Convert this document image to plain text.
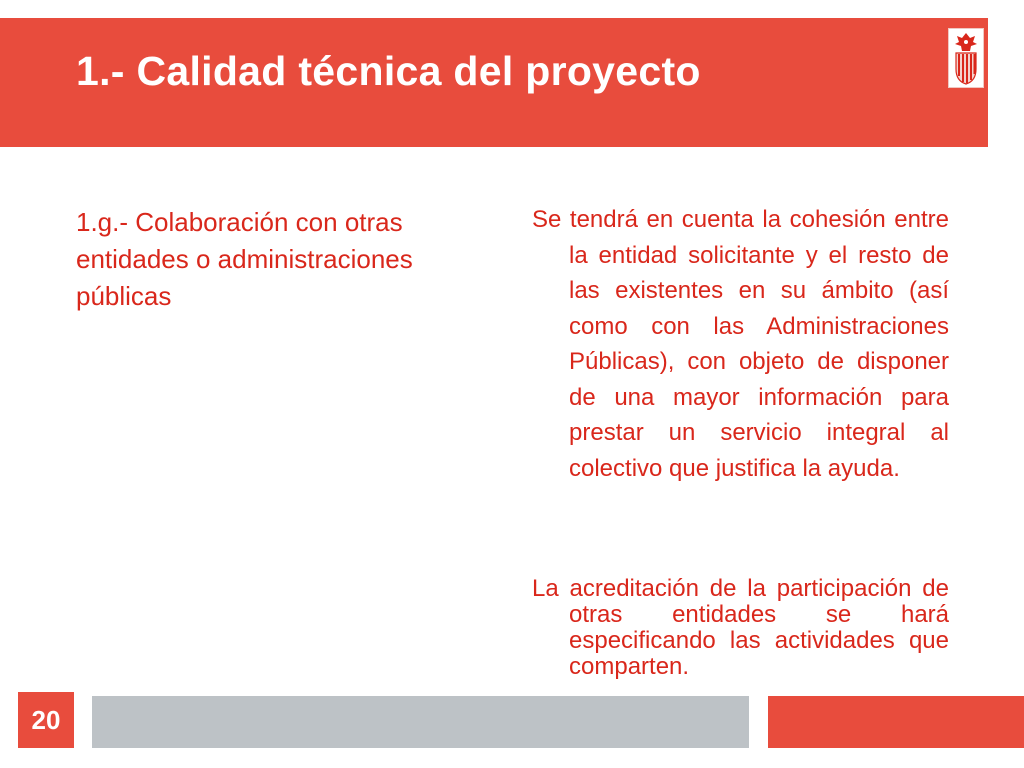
1.- Calidad técnica del proyecto

1.g.- Colaboración con otras entidades o administraciones públicas

Se tendrá en cuenta la cohesión entre la entidad solicitante y el resto de las existentes en su ámbito (así como con las Administraciones Públicas), con objeto de disponer de una mayor información para prestar un servicio integral al colectivo que justifica la ayuda.

La acreditación de la participación de otras entidades se hará especificando las actividades que comparten.

20
